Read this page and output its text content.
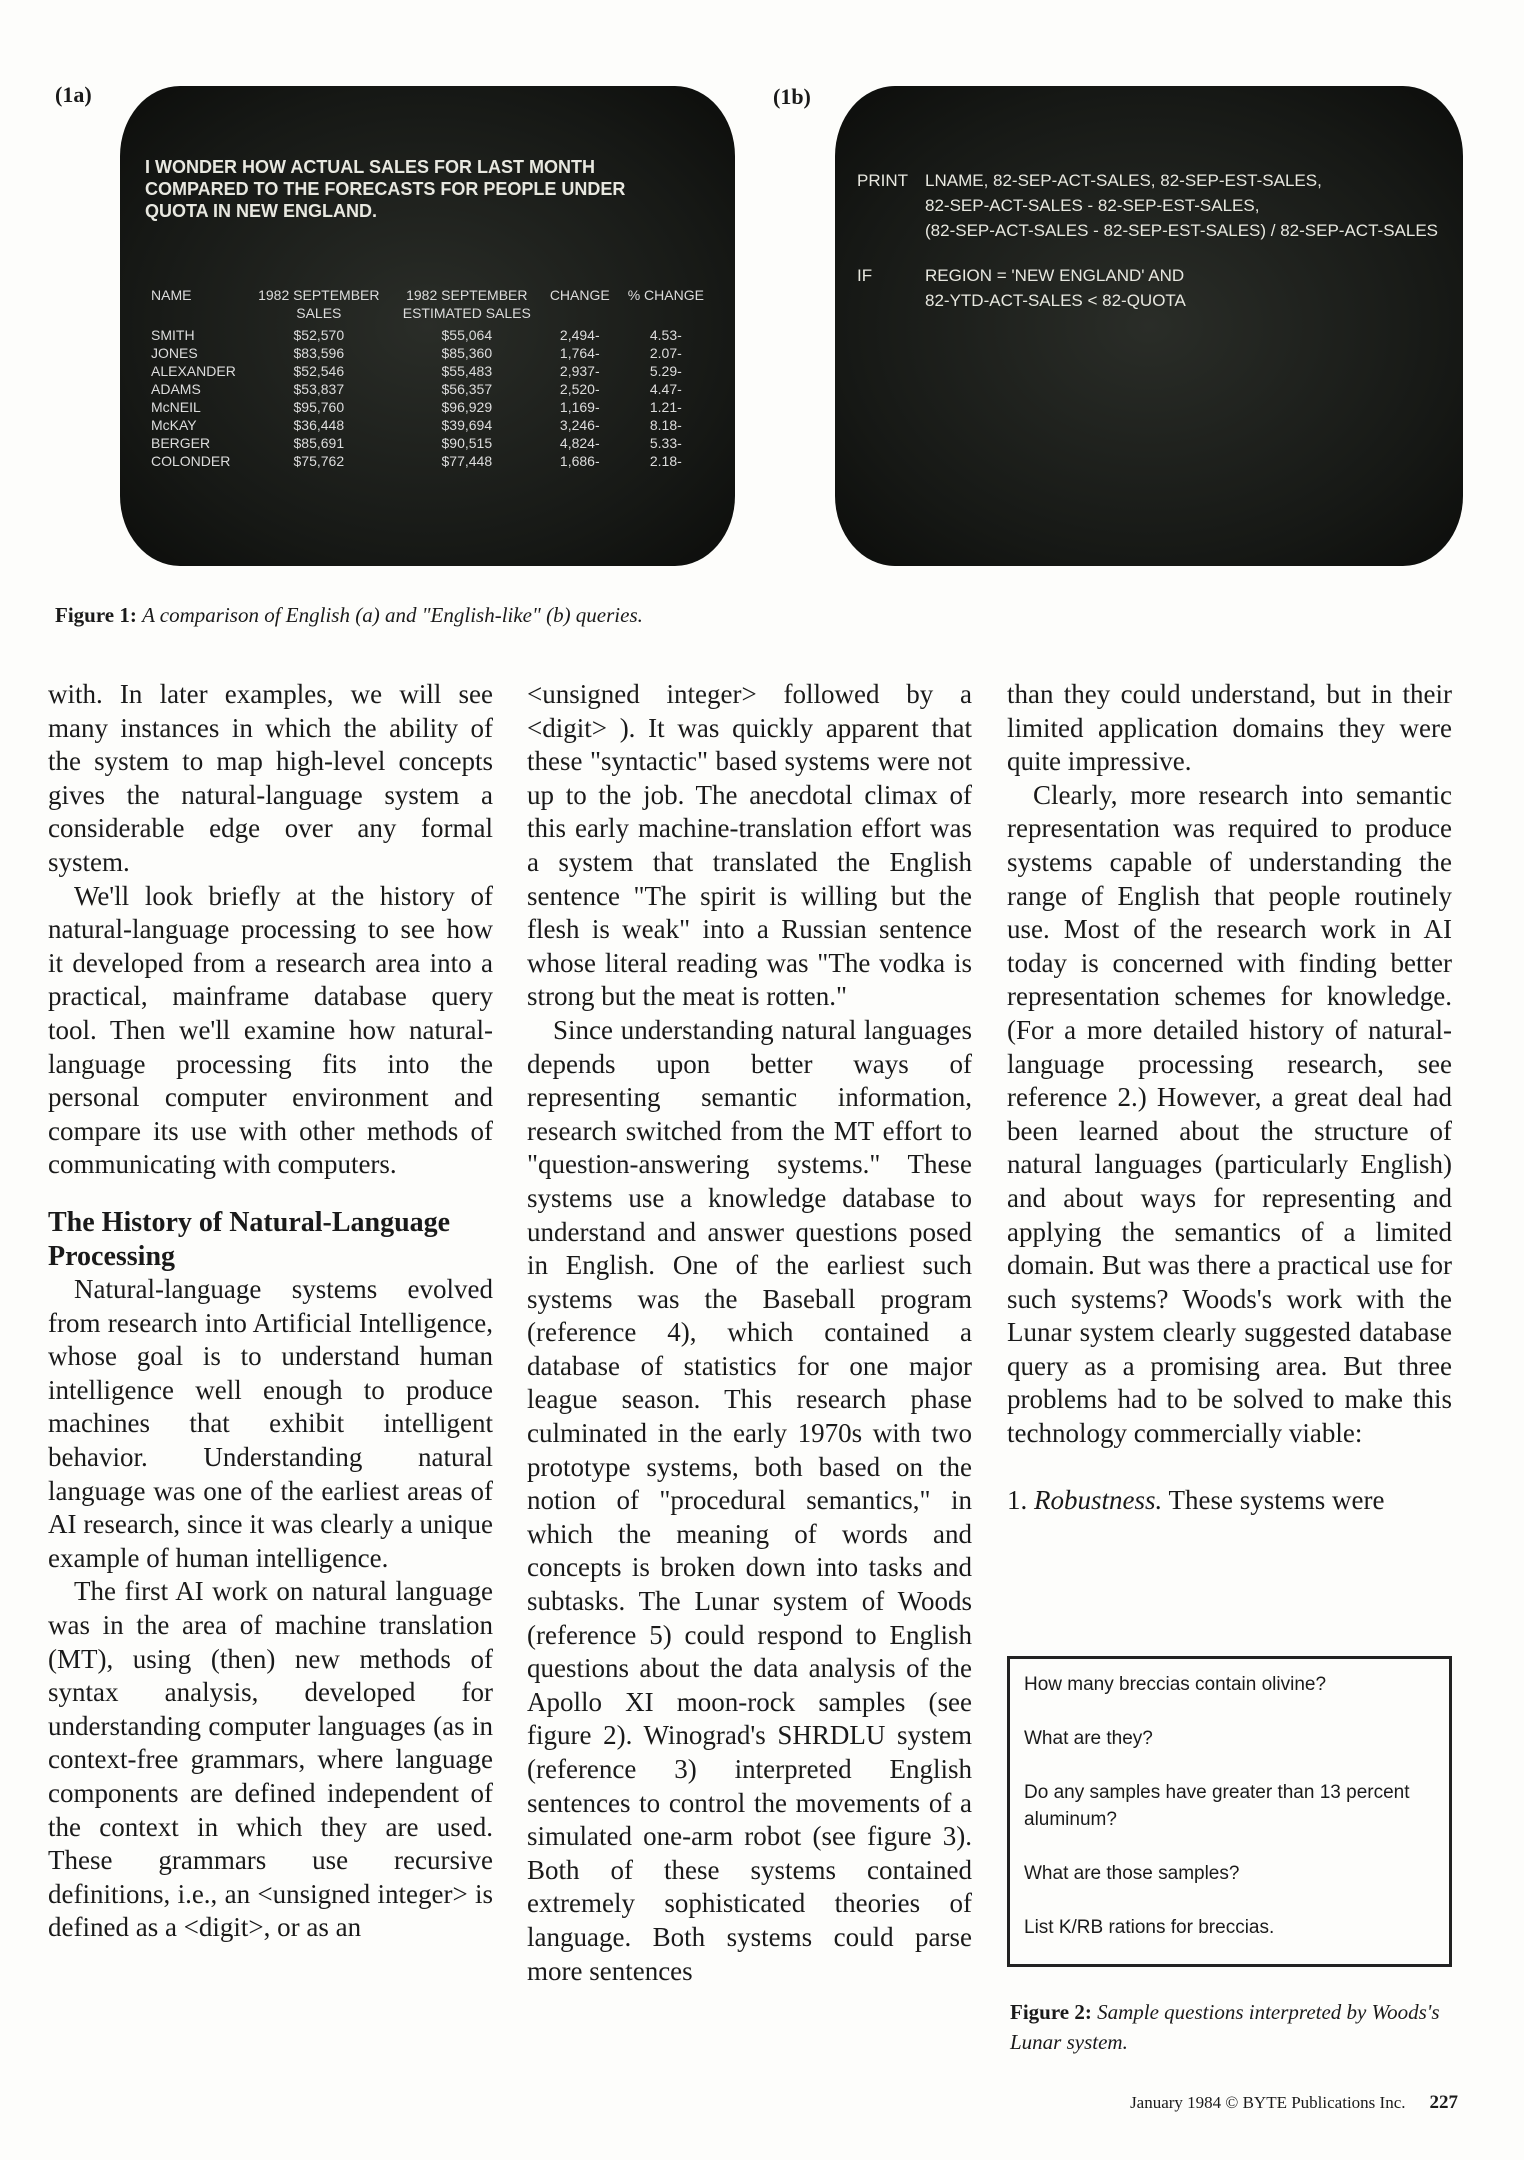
(1a)
I WONDER HOW ACTUAL SALES FOR LAST MONTH COMPARED TO THE FORECASTS FOR PEOPLE UNDER QUOTA IN NEW ENGLAND.
NAME	1982 SEPTEMBER SALES	1982 SEPTEMBER ESTIMATED SALES	CHANGE	% CHANGE
SMITH	$52,570	$55,064	2,494-	4.53-
JONES	$83,596	$85,360	1,764-	2.07-
ALEXANDER	$52,546	$55,483	2,937-	5.29-
ADAMS	$53,837	$56,357	2,520-	4.47-
McNEIL	$95,760	$96,929	1,169-	1.21-
McKAY	$36,448	$39,694	3,246-	8.18-
BERGER	$85,691	$90,515	4,824-	5.33-
COLONDER	$75,762	$77,448	1,686-	2.18-
(1b)
PRINT	LNAME, 82-SEP-ACT-SALES, 82-SEP-EST-SALES,
82-SEP-ACT-SALES - 82-SEP-EST-SALES,
(82-SEP-ACT-SALES - 82-SEP-EST-SALES) / 82-SEP-ACT-SALES
IF	REGION = 'NEW ENGLAND' AND
82-YTD-ACT-SALES < 82-QUOTA
Figure 1: A comparison of English (a) and "English-like" (b) queries.

with. In later examples, we will see many instances in which the ability of the system to map high-level concepts gives the natural-language system a considerable edge over any formal system.

We'll look briefly at the history of natural-language processing to see how it developed from a research area into a practical, mainframe database query tool. Then we'll examine how natural-language processing fits into the personal computer environment and compare its use with other methods of communicating with computers.

The History of Natural-Language Processing

Natural-language systems evolved from research into Artificial Intelligence, whose goal is to understand human intelligence well enough to produce machines that exhibit intelligent behavior. Understanding natural language was one of the earliest areas of AI research, since it was clearly a unique example of human intelligence.

The first AI work on natural language was in the area of machine translation (MT), using (then) new methods of syntax analysis, developed for understanding computer languages (as in context-free grammars, where language components are defined independent of the context in which they are used. These grammars use recursive definitions, i.e., an <unsigned integer> is defined as a <digit>, or as an

<unsigned integer> followed by a <digit> ). It was quickly apparent that these "syntactic" based systems were not up to the job. The anecdotal climax of this early machine-translation effort was a system that translated the English sentence "The spirit is willing but the flesh is weak" into a Russian sentence whose literal reading was "The vodka is strong but the meat is rotten."

Since understanding natural languages depends upon better ways of representing semantic information, research switched from the MT effort to "question-answering systems." These systems use a knowledge database to understand and answer questions posed in English. One of the earliest such systems was the Baseball program (reference 4), which contained a database of statistics for one major league season. This research phase culminated in the early 1970s with two prototype systems, both based on the notion of "procedural semantics," in which the meaning of words and concepts is broken down into tasks and subtasks. The Lunar system of Woods (reference 5) could respond to English questions about the data analysis of the Apollo XI moon-rock samples (see figure 2). Winograd's SHRDLU system (reference 3) interpreted English sentences to control the movements of a simulated one-arm robot (see figure 3). Both of these systems contained extremely sophisticated theories of language. Both systems could parse more sentences

than they could understand, but in their limited application domains they were quite impressive.

Clearly, more research into semantic representation was required to produce systems capable of understanding the range of English that people routinely use. Most of the research work in AI today is concerned with finding better representation schemes for knowledge. (For a more detailed history of natural-language processing research, see reference 2.) However, a great deal had been learned about the structure of natural languages (particularly English) and about ways for representing and applying the semantics of a limited domain. But was there a practical use for such systems? Woods's work with the Lunar system clearly suggested database query as a promising area. But three problems had to be solved to make this technology commercially viable:

1. Robustness. These systems were

How many breccias contain olivine?
What are they?
Do any samples have greater than 13 percent aluminum?
What are those samples?
List K/RB rations for breccias.
Figure 2: Sample questions interpreted by Woods's Lunar system.
January 1984 © BYTE Publications Inc. 227
